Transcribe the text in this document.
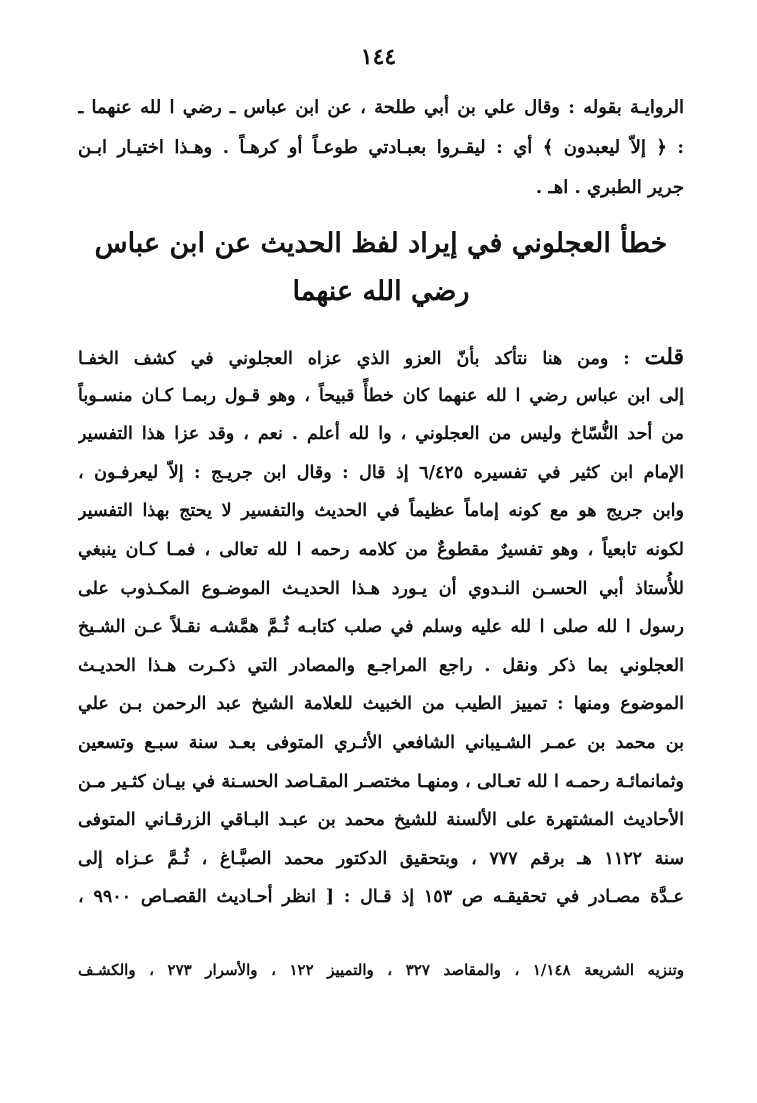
١٤٤
الروايـة بقوله : وقال علي بن أبي طلحة ، عن ابن عباس ـ رضي ا لله عنهما ـ
: ﴿ إلاّ ليعبدون ﴾ أي : ليقـروا بعبـادتي طوعـاً أو كرهـاً . وهـذا اختيـار ابـن
جرير الطبري . اهـ .
خطأ العجلوني في إيراد لفظ الحديث عن ابن عباس
رضي الله عنهما
قلت : ومن هنا نتأكد بأنّ العزو الذي عزاه العجلوني في كشف الخفـا
إلى ابن عباس رضي ا لله عنهما كان خطأً قبيحاً ، وهو قـول ربمـا كـان منسـوباً
من أحد النُّسّاخ وليس من العجلوني ، وا لله أعلم . نعم ، وقد عزا هذا التفسير
الإمام ابن كثير في تفسيره ٦/٤٢٥ إذ قال : وقال ابن جريـج : إلاّ ليعرفـون ،
وابن جريج هو مع كونه إماماً عظيماً في الحديث والتفسير لا يحتج بهذا التفسير
لكونه تابعياً ، وهو تفسيرٌ مقطوعٌ من كلامه رحمه ا لله تعالى ، فمـا كـان ينبغي
للأُستاذ أبي الحسـن النـدوي أن يـورد هـذا الحديـث الموضـوع المكـذوب على
رسول ا لله صلى ا لله عليه وسلم في صلب كتابـه ثُـمَّ همَّشـه نقـلاً عـن الشـيخ
العجلوني بما ذكر ونقل . راجع المراجـع والمصادر التي ذكـرت هـذا الحديـث
الموضوع ومنها : تمييز الطيب من الخبيث للعلامة الشيخ عبد الرحمن بـن علي
بن محمد بن عمـر الشـيباني الشافعي الأثـري المتوفى بعـد سنة سبـع وتسعين
وثمانمائـة رحمـه ا لله تعـالى ، ومنهـا مختصـر المقـاصد الحسـنة في بيـان كثـير مـن
الأحاديث المشتهرة على الألسنة للشيخ محمد بن عبـد البـاقي الزرقـاني المتوفى
سنة ١١٢٢ هـ برقم ٧٧٧ ، وبتحقيق الدكتور محمد الصبَّـاغ ، ثُـمَّ عـزاه إلى
عـدَّة مصـادر في تحقيقـه ص ١٥٣ إذ قـال : [ انظر أحـاديث القصـاص ٩٩٠٠ ،
وتنزيه الشريعة ١/١٤٨ ، والمقاصد ٣٢٧ ، والتمييز ١٢٢ ، والأسرار ٢٧٣ ، والكشـف
